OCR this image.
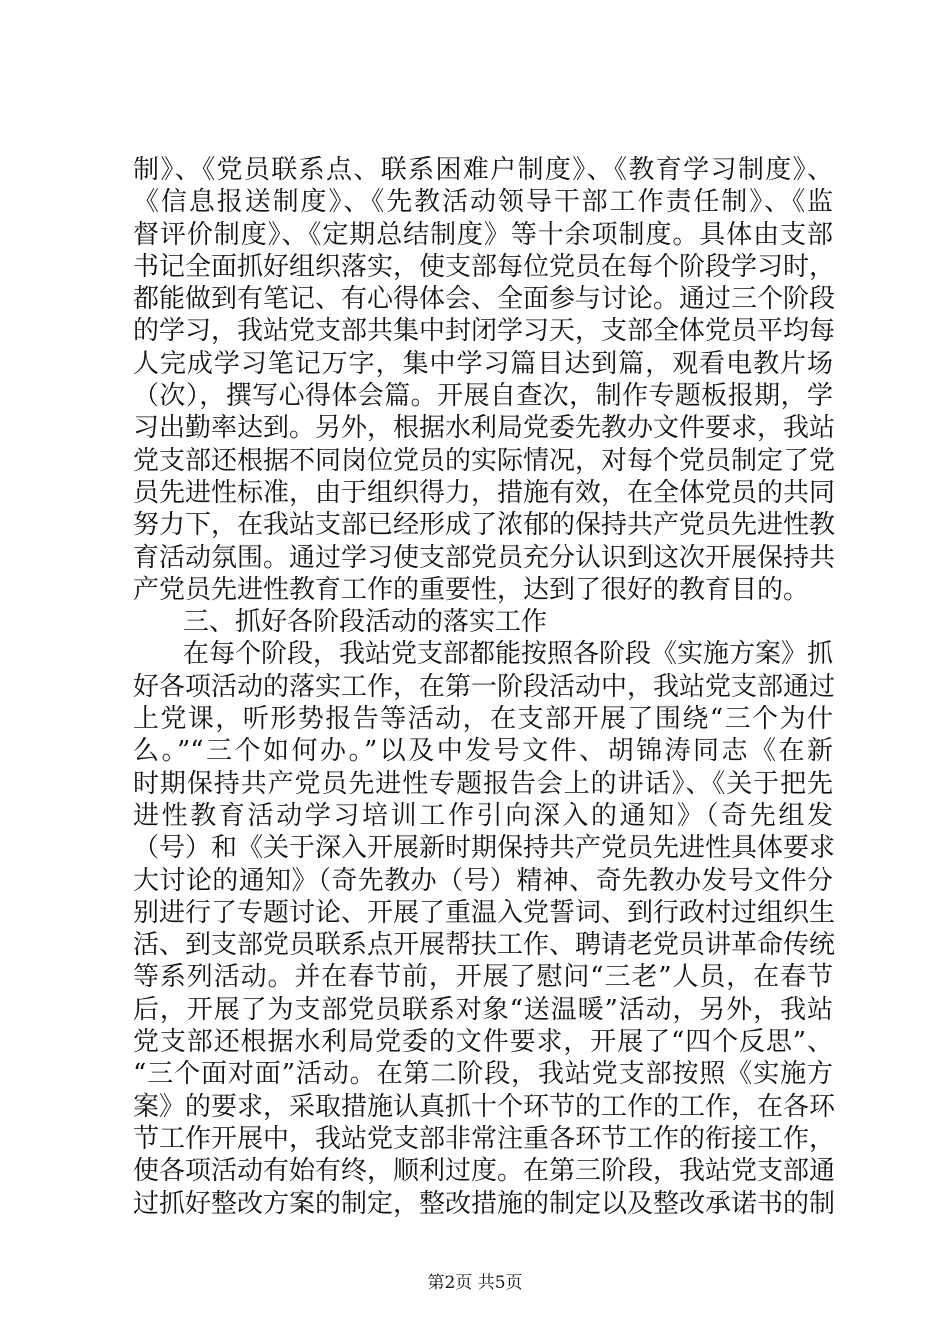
制》、《党员联系点、联系困难户制度》、《教育学习制度》、
《信息报送制度》、《先教活动领导干部工作责任制》、《监
督评价制度》、《定期总结制度》等十余项制度。具体由支部
书记全面抓好组织落实，使支部每位党员在每个阶段学习时，
都能做到有笔记、有心得体会、全面参与讨论。通过三个阶段
的学习，我站党支部共集中封闭学习天，支部全体党员平均每
人完成学习笔记万字，集中学习篇目达到篇，观看电教片场
（次），撰写心得体会篇。开展自查次，制作专题板报期，学
习出勤率达到。另外，根据水利局党委先教办文件要求，我站
党支部还根据不同岗位党员的实际情况，对每个党员制定了党
员先进性标准，由于组织得力，措施有效，在全体党员的共同
努力下，在我站支部已经形成了浓郁的保持共产党员先进性教
育活动氛围。通过学习使支部党员充分认识到这次开展保持共
产党员先进性教育工作的重要性，达到了很好的教育目的。
三、抓好各阶段活动的落实工作
在每个阶段，我站党支部都能按照各阶段《实施方案》抓
好各项活动的落实工作，在第一阶段活动中，我站党支部通过
上党课，听形势报告等活动，在支部开展了围绕“三个为什
么。”“三个如何办。”以及中发号文件、胡锦涛同志《在新
时期保持共产党员先进性专题报告会上的讲话》、《关于把先
进性教育活动学习培训工作引向深入的通知》（奇先组发
（号）和《关于深入开展新时期保持共产党员先进性具体要求
大讨论的通知》（奇先教办（号）精神、奇先教办发号文件分
别进行了专题讨论、开展了重温入党誓词、到行政村过组织生
活、到支部党员联系点开展帮扶工作、聘请老党员讲革命传统
等系列活动。并在春节前，开展了慰问“三老”人员，在春节
后，开展了为支部党员联系对象“送温暖”活动，另外，我站
党支部还根据水利局党委的文件要求，开展了“四个反思”、
“三个面对面”活动。在第二阶段，我站党支部按照《实施方
案》的要求，采取措施认真抓十个环节的工作的工作，在各环
节工作开展中，我站党支部非常注重各环节工作的衔接工作，
使各项活动有始有终，顺利过度。在第三阶段，我站党支部通
过抓好整改方案的制定，整改措施的制定以及整改承诺书的制
第2页 共5页
